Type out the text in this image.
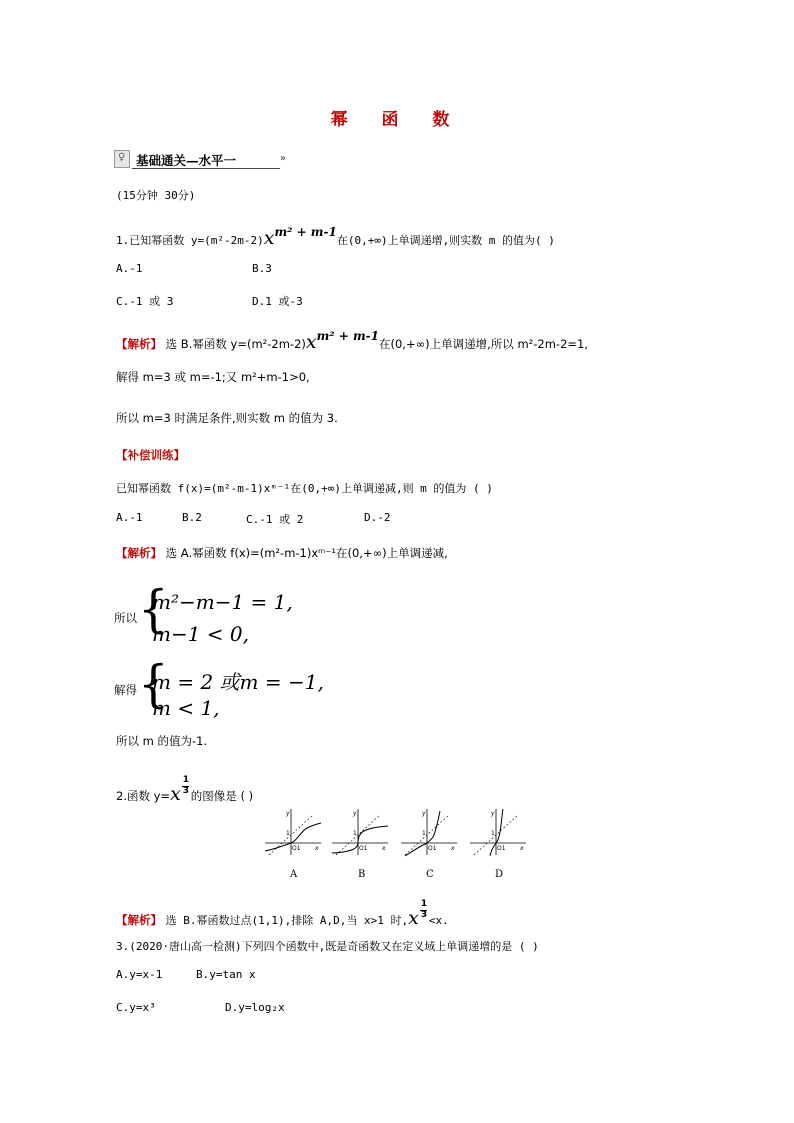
幂 函 数
♀ 基础通关—水平一	»
(15分钟 30分)
1.已知幂函数 y=(m²-2m-2)xm² + m-1在(0,+∞)上单调递增,则实数 m 的值为( )
A.-1	B.3
C.-1 或 3	D.1 或-3
【解析】 选 B.幂函数 y=(m²-2m-2)xm² + m-1在(0,+∞)上单调递增,所以 m²-2m-2=1,
解得 m=3 或 m=-1;又 m²+m-1>0,
所以 m=3 时满足条件,则实数 m 的值为 3.
【补偿训练】
已知幂函数 f(x)=(m²-m-1)xᵐ⁻¹在(0,+∞)上单调递减,则 m 的值为 ( )
A.-1	B.2	C.-1 或 2	D.-2
【解析】 选 A.幂函数 f(x)=(m²-m-1)xᵐ⁻¹在(0,+∞)上单调递减,
所以 {
m²−m−1 = 1,
m−1 < 0,
解得 {
m = 2 或m = −1,
m < 1,
所以 m 的值为-1.
2.函数 $y=x \frac{1}{3}$ 的图像是 ( )
1
O1 x
y
A
1
O1 x
y
B
1
O1 x
y
C
1
O1 x
y
D
【解析】 选 B.幂函数过点(1,1),排除 A,D,当 x>1 时$,x \frac{1}{3} <x$.
3.(2020·唐山高一检测)下列四个函数中,既是奇函数又在定义域上单调递增的是 ( )
A.y=x-1	B.y=tan x
C.y=x³	D.y=log₂x
